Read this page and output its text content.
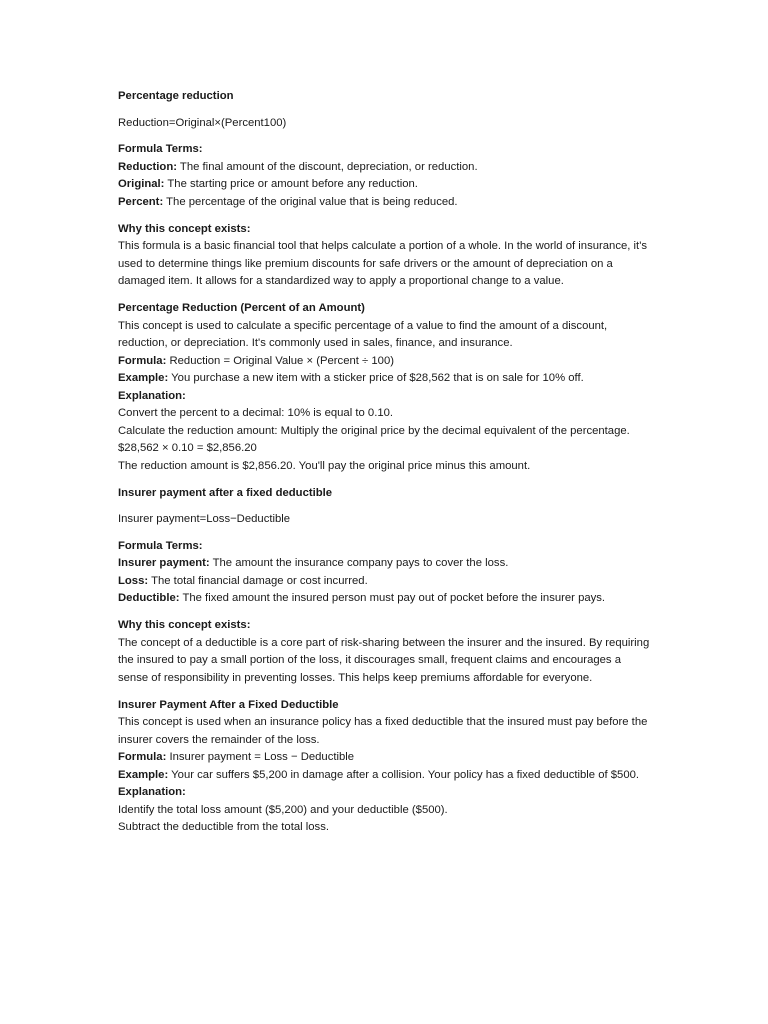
Percentage reduction

Reduction=Original×(Percent100)

Formula Terms:
Reduction: The final amount of the discount, depreciation, or reduction.
Original: The starting price or amount before any reduction.
Percent: The percentage of the original value that is being reduced.
Why this concept exists:
This formula is a basic financial tool that helps calculate a portion of a whole. In the world of insurance, it's used to determine things like premium discounts for safe drivers or the amount of depreciation on a damaged item. It allows for a standardized way to apply a proportional change to a value.
Percentage Reduction (Percent of an Amount)
This concept is used to calculate a specific percentage of a value to find the amount of a discount, reduction, or depreciation. It's commonly used in sales, finance, and insurance.
Formula: Reduction = Original Value × (Percent ÷ 100)
Example: You purchase a new item with a sticker price of $28,562 that is on sale for 10% off.
Explanation:
Convert the percent to a decimal: 10% is equal to 0.10.
Calculate the reduction amount: Multiply the original price by the decimal equivalent of the percentage.
$28,562 × 0.10 = $2,856.20
The reduction amount is $2,856.20. You'll pay the original price minus this amount.

Insurer payment after a fixed deductible

Insurer payment=Loss−Deductible

Formula Terms:
Insurer payment: The amount the insurance company pays to cover the loss.
Loss: The total financial damage or cost incurred.
Deductible: The fixed amount the insured person must pay out of pocket before the insurer pays.
Why this concept exists:
The concept of a deductible is a core part of risk-sharing between the insurer and the insured. By requiring the insured to pay a small portion of the loss, it discourages small, frequent claims and encourages a sense of responsibility in preventing losses. This helps keep premiums affordable for everyone.
Insurer Payment After a Fixed Deductible
This concept is used when an insurance policy has a fixed deductible that the insured must pay before the insurer covers the remainder of the loss.
Formula: Insurer payment = Loss − Deductible
Example: Your car suffers $5,200 in damage after a collision. Your policy has a fixed deductible of $500.
Explanation:
Identify the total loss amount ($5,200) and your deductible ($500).
Subtract the deductible from the total loss.
